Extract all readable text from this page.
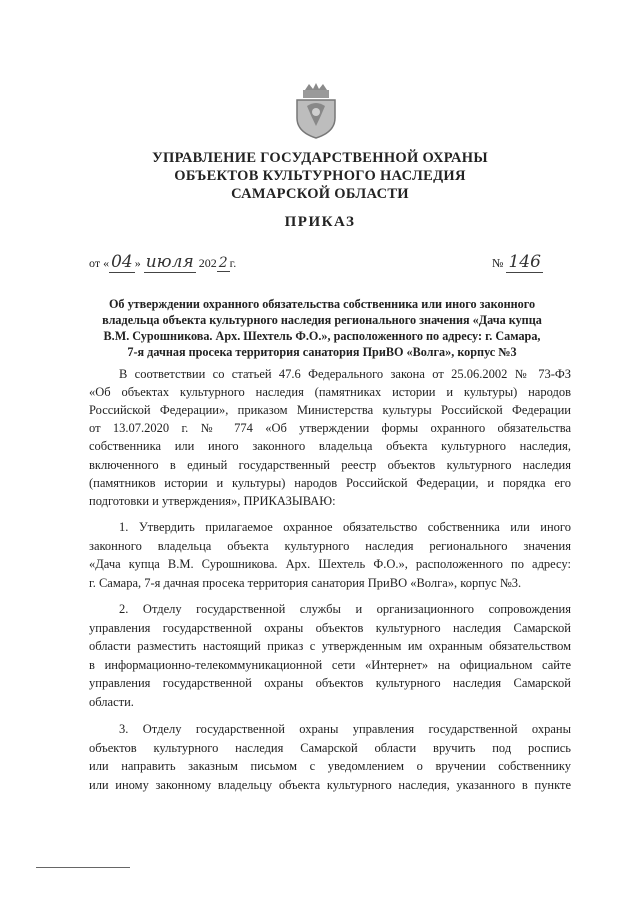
УПРАВЛЕНИЕ ГОСУДАРСТВЕННОЙ ОХРАНЫ
ОБЪЕКТОВ КУЛЬТУРНОГО НАСЛЕДИЯ
САМАРСКОЙ ОБЛАСТИ
ПРИКАЗ
от « 04 » июля 202 2 г.	№ 146
Об утверждении охранного обязательства собственника или иного законного
владельца объекта культурного наследия регионального значения «Дача купца
В.М. Сурошникова. Арх. Шехтель Ф.О.», расположенного по адресу: г. Самара,
7-я дачная просека территория санатория ПриВО «Волга», корпус №3
В соответствии со статьей 47.6 Федерального закона от 25.06.2002 № 73-ФЗ
«Об объектах культурного наследия (памятниках истории и культуры) народов
Российской Федерации», приказом Министерства культуры Российской Федерации
от 13.07.2020 г. № 774 «Об утверждении формы охранного обязательства
собственника или иного законного владельца объекта культурного наследия,
включенного в единый государственный реестр объектов культурного наследия
(памятников истории и культуры) народов Российской Федерации, и порядка его
подготовки и утверждения», ПРИКАЗЫВАЮ:
1. Утвердить прилагаемое охранное обязательство собственника или иного
законного владельца объекта культурного наследия регионального значения
«Дача купца В.М. Сурошникова. Арх. Шехтель Ф.О.», расположенного по адресу:
г. Самара, 7-я дачная просека территория санатория ПриВО «Волга», корпус №3.
2. Отделу государственной службы и организационного сопровождения
управления государственной охраны объектов культурного наследия Самарской
области разместить настоящий приказ с утвержденным им охранным обязательством
в информационно-телекоммуникационной сети «Интернет» на официальном сайте
управления государственной охраны объектов культурного наследия Самарской
области.
3. Отделу государственной охраны управления государственной охраны
объектов культурного наследия Самарской области вручить под роспись
или направить заказным письмом с уведомлением о вручении собственнику
или иному законному владельцу объекта культурного наследия, указанного в пункте
